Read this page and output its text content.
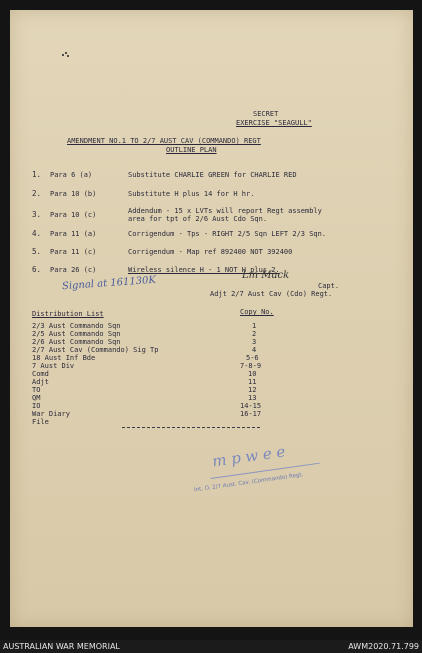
SECRET
EXERCISE "SEAGULL"
AMENDMENT NO.1 TO 2/7 AUST CAV (COMMANDO) REGT
OUTLINE PLAN
1. Para 6 (a)	Substitute CHARLIE GREEN for CHARLIE RED
2. Para 10 (b)	Substitute H plus 14 for H hr.
3. Para 10 (c)	Addendum - 15 x LVTs will report Regt assembly
area for tpt of 2/6 Aust Cdo Sqn.
4. Para 11 (a)	Corrigendum - Tps - RIGHT 2/5 Sqn LEFT 2/3 Sqn.
5. Para 11 (c)	Corrigendum - Map ref 892400 NOT 392400
6. Para 26 (c)	Wireless silence H - 1 NOT H plus 2.
Signal at 161130K	Lm Mack
Capt.
Adjt 2/7 Aust Cav (Cdo) Regt.
Distribution List	Copy No.
2/3 Aust Commando Sqn	1
2/5 Aust Commando Sqn	2
2/6 Aust Commando Sqn	3
2/7 Aust Cav (Commando) Sig Tp	4
18 Aust Inf Bde	5-6
7 Aust Div	7-8-9
Comd	10
Adjt	11
TO	12
QM	13
IO	14-15
War Diary	16-17
File
m p w e e
Int. O. 2/7 Aust. Cav. (Commando) Regt.
AUSTRALIAN WAR MEMORIAL	AWM2020.71.799
